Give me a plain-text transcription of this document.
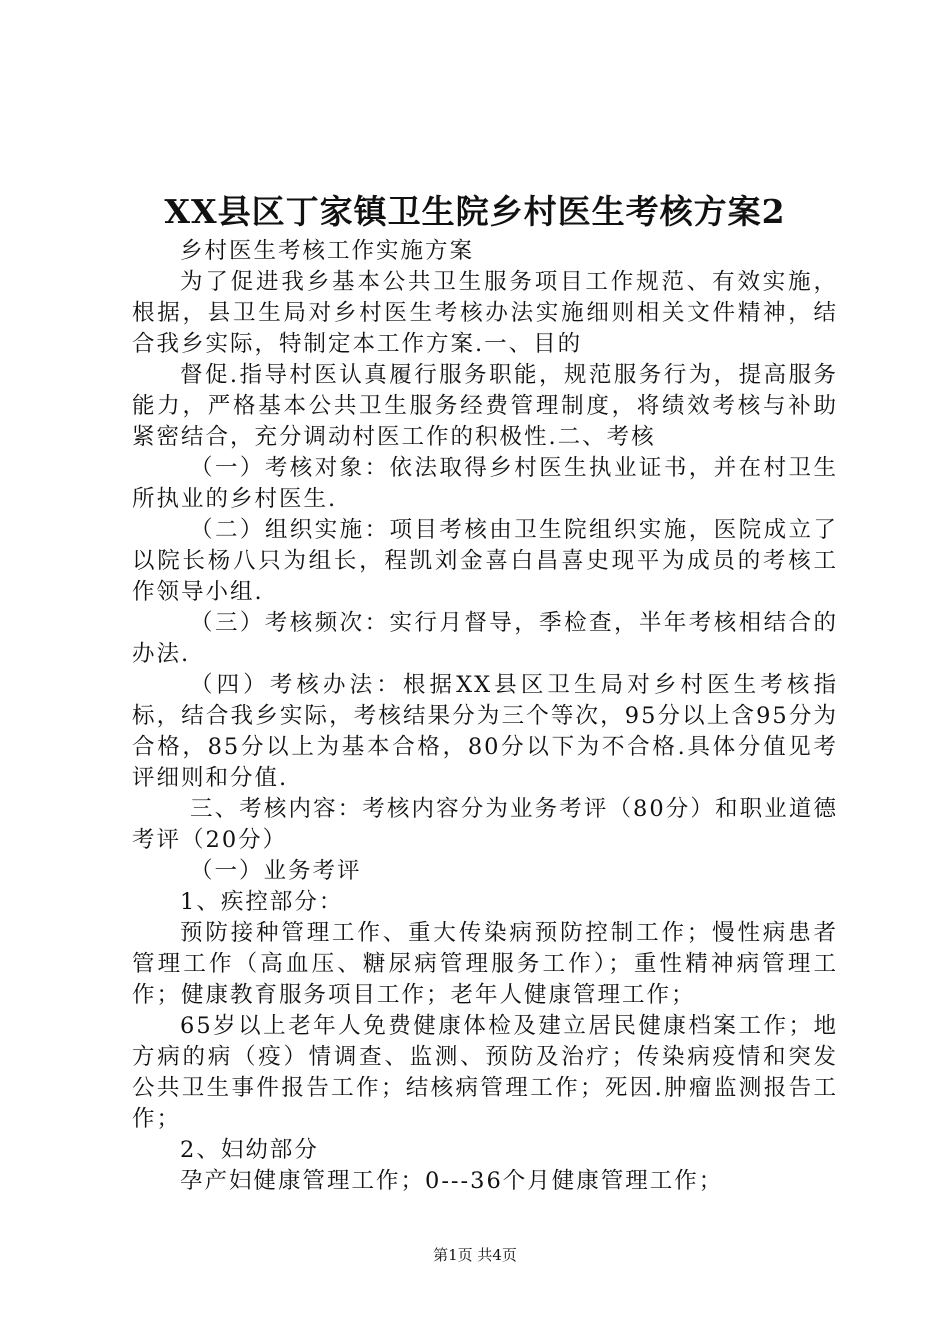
XX县区丁家镇卫生院乡村医生考核方案2

乡村医生考核工作实施方案

为了促进我乡基本公共卫生服务项目工作规范、有效实施，根据，县卫生局对乡村医生考核办法实施细则相关文件精神，结合我乡实际，特制定本工作方案.一、目的

督促.指导村医认真履行服务职能，规范服务行为，提高服务能力，严格基本公共卫生服务经费管理制度，将绩效考核与补助紧密结合，充分调动村医工作的积极性.二、考核

（一）考核对象：依法取得乡村医生执业证书，并在村卫生所执业的乡村医生.

（二）组织实施：项目考核由卫生院组织实施，医院成立了以院长杨八只为组长，程凯刘金喜白昌喜史现平为成员的考核工作领导小组.

（三）考核频次：实行月督导，季检查，半年考核相结合的办法.

（四）考核办法：根据XX县区卫生局对乡村医生考核指标，结合我乡实际，考核结果分为三个等次，95分以上含95分为合格，85分以上为基本合格，80分以下为不合格.具体分值见考评细则和分值.

三、考核内容：考核内容分为业务考评（80分）和职业道德考评（20分）

（一）业务考评

1、疾控部分：

预防接种管理工作、重大传染病预防控制工作；慢性病患者管理工作（高血压、糖尿病管理服务工作）；重性精神病管理工作；健康教育服务项目工作；老年人健康管理工作；

65岁以上老年人免费健康体检及建立居民健康档案工作；地方病的病（疫）情调查、监测、预防及治疗；传染病疫情和突发公共卫生事件报告工作；结核病管理工作；死因.肿瘤监测报告工作；

2、妇幼部分

孕产妇健康管理工作；0---36个月健康管理工作；

第1页 共4页
